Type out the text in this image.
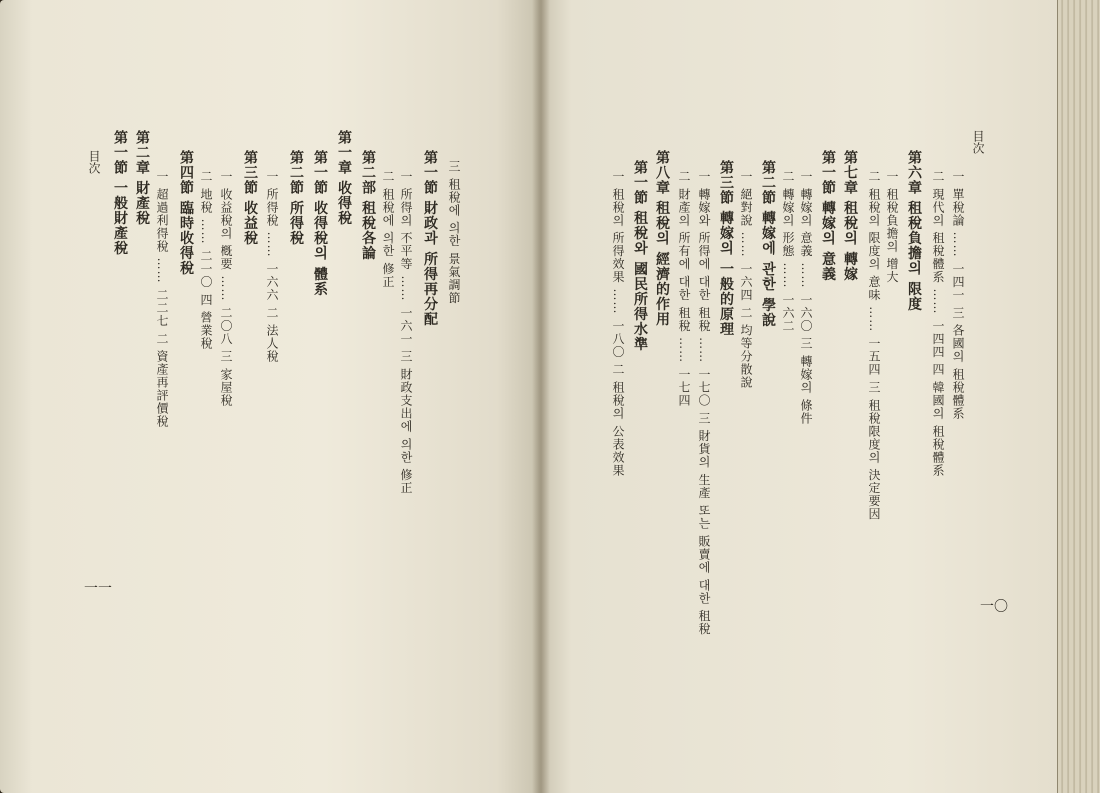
目次
一一
目次
一〇
三 租稅에 의한 景氣調節
第一節 財政과 所得再分配
一 所得의 不平等 …… 一六一 三 財政支出에 의한 修正
二 租稅에 의한 修正
第二部 租稅各論
第一章 收得稅
第一節 收得稅의 體系
第二節 所得稅
一 所得稅 …… 一六六 二 法人稅
第三節 收益稅
一 收益稅의 槪要 …… 二〇八 三 家屋稅
二 地稅 …… 二一〇 四 營業稅
第四節 臨時收得稅
一 超過利得稅 …… 二二七 二 資產再評價稅
第二章 財產稅
第一節 一般財產稅	一 單稅論 …… 一四一 三 各國의 租稅體系
二 現代의 租稅體系 …… 一四四 四 韓國의 租稅體系
第六章 租稅負擔의 限度
一 租稅負擔의 增大
二 租稅의 限度의 意味 …… 一五四 三 租稅限度의 決定要因
第七章 租稅의 轉嫁
第一節 轉嫁의 意義
一 轉嫁의 意義 …… 一六〇 三 轉嫁의 條件
二 轉嫁의 形態 …… 一六二
第二節 轉嫁에 관한 學說
一 絕對說 …… 一六四 二 均等分散說
第三節 轉嫁의 一般的原理
一 轉嫁와 所得에 대한 租稅 …… 一七〇 三 財貨의 生產 또는 販賣에 대한 租稅
二 財產의 所有에 대한 租稅 …… 一七四
第八章 租稅의 經濟的作用
第一節 租稅와 國民所得水準
一 租稅의 所得效果 …… 一八〇 二 租稅의 公表效果
